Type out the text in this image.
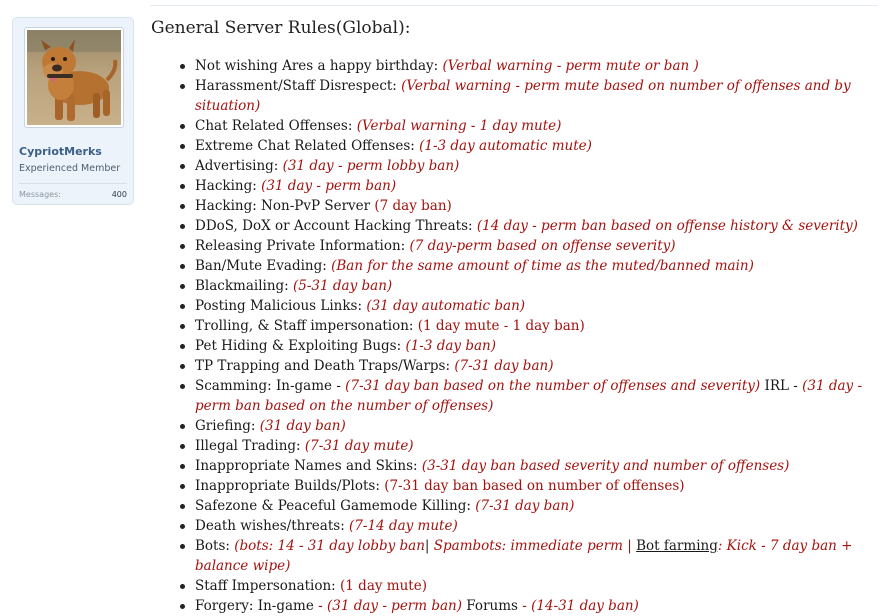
CypriotMerks
Experienced Member
Messages:	400
General Server Rules(Global):
Not wishing Ares a happy birthday: (Verbal warning - perm mute or ban )
Harassment/Staff Disrespect: (Verbal warning - perm mute based on number of offenses and by situation)
Chat Related Offenses: (Verbal warning - 1 day mute)
Extreme Chat Related Offenses: (1-3 day automatic mute)
Advertising: (31 day - perm lobby ban)
Hacking: (31 day - perm ban)
Hacking: Non-PvP Server (7 day ban)
DDoS, DoX or Account Hacking Threats: (14 day - perm ban based on offense history & severity)
Releasing Private Information: (7 day-perm based on offense severity)
Ban/Mute Evading: (Ban for the same amount of time as the muted/banned main)
Blackmailing: (5-31 day ban)
Posting Malicious Links: (31 day automatic ban)
Trolling, & Staff impersonation: (1 day mute - 1 day ban)
Pet Hiding & Exploiting Bugs: (1-3 day ban)
TP Trapping and Death Traps/Warps: (7-31 day ban)
Scamming: In-game - (7-31 day ban based on the number of offenses and severity) IRL - (31 day - perm ban based on the number of offenses)
Griefing: (31 day ban)
Illegal Trading: (7-31 day mute)
Inappropriate Names and Skins: (3-31 day ban based severity and number of offenses)
Inappropriate Builds/Plots: (7-31 day ban based on number of offenses)
Safezone & Peaceful Gamemode Killing: (7-31 day ban)
Death wishes/threats: (7-14 day mute)
Bots: (bots: 14 - 31 day lobby ban| Spambots: immediate perm | Bot farming: Kick - 7 day ban + balance wipe)
Staff Impersonation: (1 day mute)
Forgery: In-game - (31 day - perm ban) Forums - (14-31 day ban)
